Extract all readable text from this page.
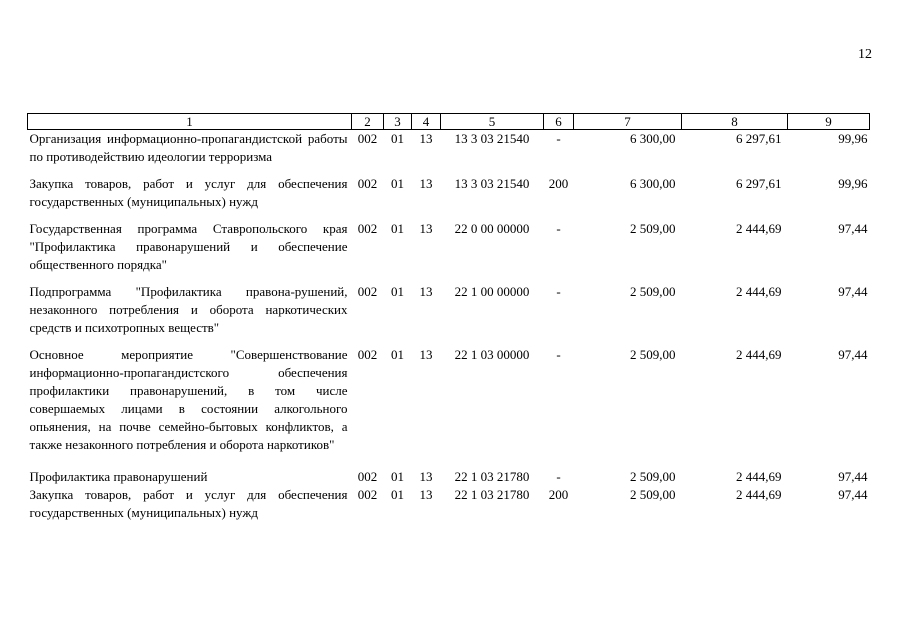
12
1	2	3	4	5	6	7	8	9
Организация информационно-пропагандистской работы по противодействию идеологии терроризма	002	01	13	13 3 03 21540	-	6 300,00	6 297,61	99,96
Закупка товаров, работ и услуг для обеспечения государственных (муниципальных) нужд	002	01	13	13 3 03 21540	200	6 300,00	6 297,61	99,96
Государственная программа Ставропольского края "Профилактика правонарушений и обеспечение общественного порядка"	002	01	13	22 0 00 00000	-	2 509,00	2 444,69	97,44
Подпрограмма "Профилактика правона-рушений, незаконного потребления и оборота наркотических средств и психотропных веществ"	002	01	13	22 1 00 00000	-	2 509,00	2 444,69	97,44
Основное мероприятие "Совершенствование информационно-пропагандистского обеспечения профилактики правонарушений, в том числе совершаемых лицами в состоянии алкогольного опьянения, на почве семейно-бытовых конфликтов, а также незаконного потребления и оборота наркотиков"	002	01	13	22 1 03 00000	-	2 509,00	2 444,69	97,44
Профилактика правонарушений	002	01	13	22 1 03 21780	-	2 509,00	2 444,69	97,44
Закупка товаров, работ и услуг для обеспечения государственных (муниципальных) нужд	002	01	13	22 1 03 21780	200	2 509,00	2 444,69	97,44
